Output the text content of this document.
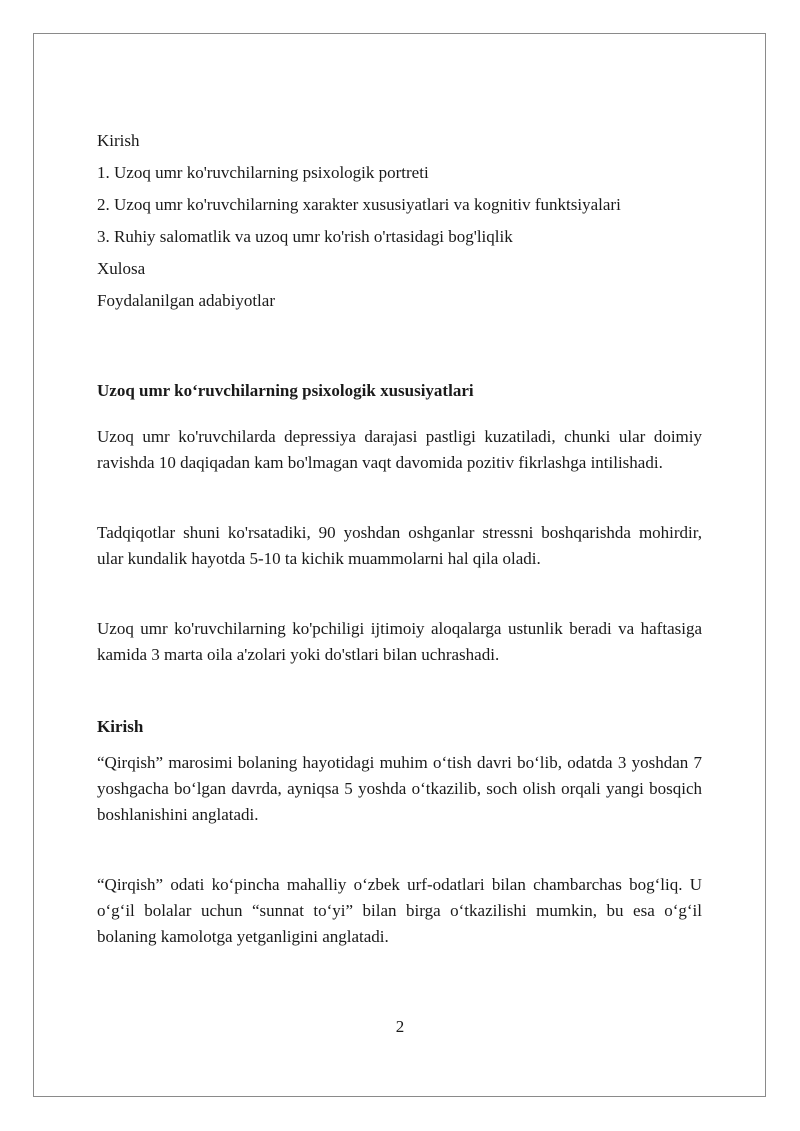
Kirish

1. Uzoq umr ko'ruvchilarning psixologik portreti

2. Uzoq umr ko'ruvchilarning xarakter xususiyatlari va kognitiv funktsiyalari

3. Ruhiy salomatlik va uzoq umr ko'rish o'rtasidagi bog'liqlik

Xulosa

Foydalanilgan adabiyotlar

Uzoq umr koʻruvchilarning psixologik xususiyatlari

Uzoq umr ko'ruvchilarda depressiya darajasi pastligi kuzatiladi, chunki ular doimiy ravishda 10 daqiqadan kam bo'lmagan vaqt davomida pozitiv fikrlashga intilishadi.

Tadqiqotlar shuni ko'rsatadiki, 90 yoshdan oshganlar stressni boshqarishda mohirdir, ular kundalik hayotda 5-10 ta kichik muammolarni hal qila oladi.

Uzoq umr ko'ruvchilarning ko'pchiligi ijtimoiy aloqalarga ustunlik beradi va haftasiga kamida 3 marta oila a'zolari yoki do'stlari bilan uchrashadi.

Kirish

“Qirqish” marosimi bolaning hayotidagi muhim oʻtish davri boʻlib, odatda 3 yoshdan 7 yoshgacha boʻlgan davrda, ayniqsa 5 yoshda oʻtkazilib, soch olish orqali yangi bosqich boshlanishini anglatadi.

“Qirqish” odati koʻpincha mahalliy oʻzbek urf-odatlari bilan chambarchas bogʻliq. U oʻgʻil bolalar uchun “sunnat toʻyi” bilan birga oʻtkazilishi mumkin, bu esa oʻgʻil bolaning kamolotga yetganligini anglatadi.

2
